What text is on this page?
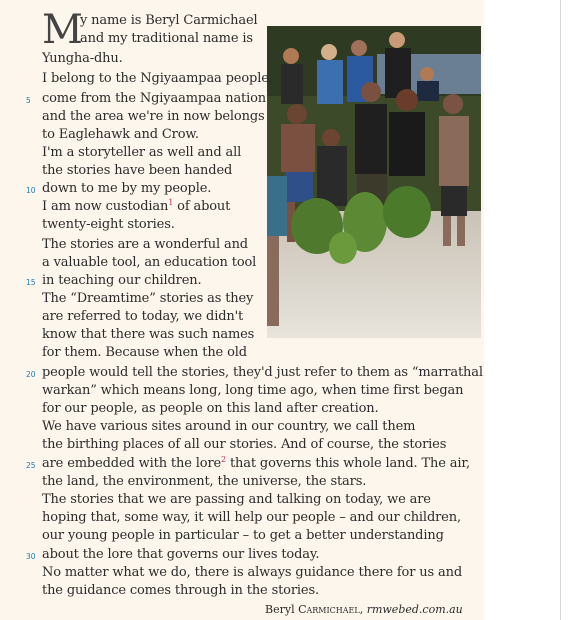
M
y name is Beryl Carmichael
and my traditional name is
Yungha-dhu.
I belong to the Ngiyaampaa people,
come from the Ngiyaampaa nation
and the area we're in now belongs
to Eaglehawk and Crow.
I'm a storyteller as well and all
the stories have been handed
down to me by my people.
I am now custodian$^1$ of about
twenty-eight stories.
The stories are a wonderful and
a valuable tool, an education tool
in teaching our children.
The “Dreamtime” stories as they
are referred to today, we didn't
know that there was such names
for them. Because when the old
people would tell the stories, they'd just refer to them as “marrathal
warkan” which means long, long time ago, when time first began
for our people, as people on this land after creation.
We have various sites around in our country, we call them
the birthing places of all our stories. And of course, the stories
are embedded with the lore$^2$ that governs this whole land. The air,
the land, the environment, the universe, the stars.
The stories that we are passing and talking on today, we are
hoping that, some way, it will help our people – and our children,
our young people in particular – to get a better understanding
about the lore that governs our lives today.
No matter what we do, there is always guidance there for us and
the guidance comes through in the stories.
5
10
15
20
25
30
Beryl Carmichael, rmwebed.com.au
